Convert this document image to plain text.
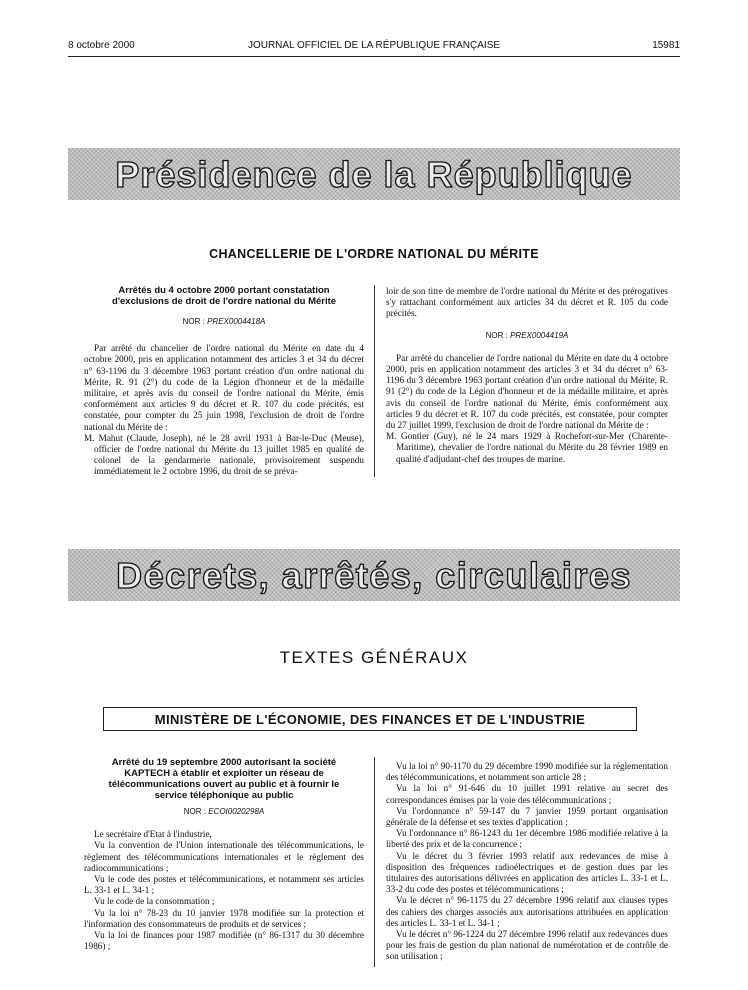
8 octobre 2000	JOURNAL OFFICIEL DE LA RÉPUBLIQUE FRANÇAISE	15981
Présidence de la République
CHANCELLERIE DE L'ORDRE NATIONAL DU MÉRITE
Arrêtés du 4 octobre 2000 portant constatation d'exclusions de droit de l'ordre national du Mérite
NOR : PREX0004418A

Par arrêté du chancelier de l'ordre national du Mérite en date du 4 octobre 2000, pris en application notamment des articles 3 et 34 du décret n° 63-1196 du 3 décembre 1963 portant création d'un ordre national du Mérite, R. 91 (2°) du code de la Légion d'honneur et de la médaille militaire, et après avis du conseil de l'ordre national du Mérite, émis conformément aux articles 9 du décret et R. 107 du code précités, est constatée, pour compter du 25 juin 1998, l'exclusion de droit de l'ordre national du Mérite de :

M. Mahut (Claude, Joseph), né le 28 avril 1931 à Bar-le-Duc (Meuse), officier de l'ordre national du Mérite du 13 juillet 1985 en qualité de colonel de la gendarmerie nationale, provisoirement suspendu immédiatement le 2 octobre 1996, du droit de se préva-

loir de son titre de membre de l'ordre national du Mérite et des prérogatives s'y rattachant conformément aux articles 34 du décret et R. 105 du code précités.

NOR : PREX0004419A

Par arrêté du chancelier de l'ordre national du Mérite en date du 4 octobre 2000, pris en application notamment des articles 3 et 34 du décret n° 63-1196 du 3 décembre 1963 portant création d'un ordre national du Mérite, R. 91 (2°) du code de la Légion d'honneur et de la médaille militaire, et après avis du conseil de l'ordre national du Mérite, émis conformément aux articles 9 du décret et R. 107 du code précités, est constatée, pour compter du 27 juillet 1999, l'exclusion de droit de l'ordre national du Mérite de :

M. Gontier (Guy), né le 24 mars 1929 à Rochefort-sur-Mer (Charente-Maritime), chevalier de l'ordre national du Mérite du 28 février 1989 en qualité d'adjudant-chef des troupes de marine.

Décrets, arrêtés, circulaires
TEXTES GÉNÉRAUX
MINISTÈRE DE L'ÉCONOMIE, DES FINANCES ET DE L'INDUSTRIE
Arrêté du 19 septembre 2000 autorisant la société KAPTECH à établir et exploiter un réseau de télécommunications ouvert au public et à fournir le service téléphonique au public
NOR : ECOI0020298A

Le secrétaire d'Etat à l'industrie,

Vu la convention de l'Union internationale des télécommunications, le règlement des télécommunications internationales et le règlement des radiocommunications ;

Vu le code des postes et télécommunications, et notamment ses articles L. 33-1 et L. 34-1 ;

Vu le code de la consommation ;

Vu la loi n° 78-23 du 10 janvier 1978 modifiée sur la protection et l'information des consommateurs de produits et de services ;

Vu la loi de finances pour 1987 modifiée (n° 86-1317 du 30 décembre 1986) ;

Vu la loi n° 90-1170 du 29 décembre 1990 modifiée sur la réglementation des télécommunications, et notamment son article 28 ;

Vu la loi n° 91-646 du 10 juillet 1991 relative au secret des correspondances émises par la voie des télécommunications ;

Vu l'ordonnance n° 59-147 du 7 janvier 1959 portant organisation générale de la défense et ses textes d'application ;

Vu l'ordonnance n° 86-1243 du 1er décembre 1986 modifiée relative à la liberté des prix et de la concurrence ;

Vu le décret du 3 février 1993 relatif aux redevances de mise à disposition des fréquences radioélectriques et de gestion dues par les titulaires des autorisations délivrées en application des articles L. 33-1 et L. 33-2 du code des postes et télécommunications ;

Vu le décret n° 96-1175 du 27 décembre 1996 relatif aux clauses types des cahiers des charges associés aux autorisations attribuées en application des articles L. 33-1 et L. 34-1 ;

Vu le décret n° 96-1224 du 27 décembre 1996 relatif aux redevances dues pour les frais de gestion du plan national de numérotation et de contrôle de son utilisation ;
